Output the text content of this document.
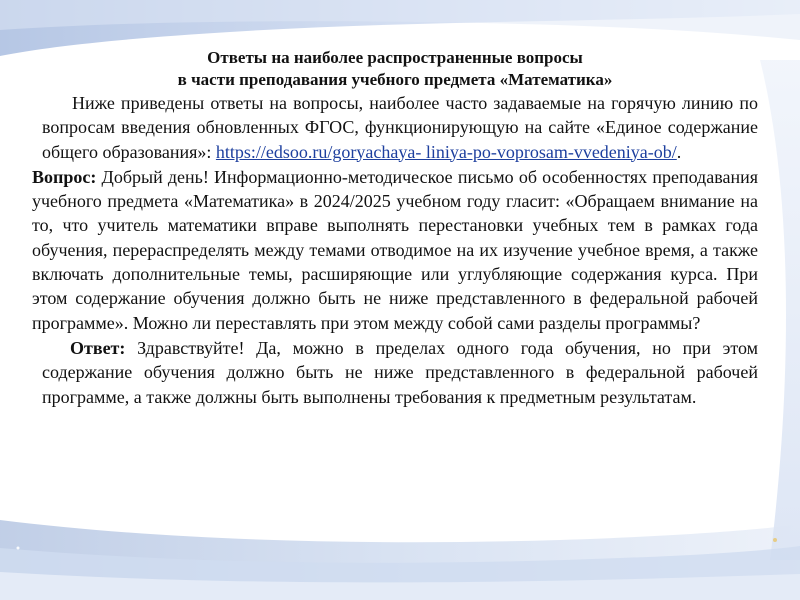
Ответы на наиболее распространенные вопросы
в части преподавания учебного предмета «Математика»

Ниже приведены ответы на вопросы, наиболее часто задаваемые на горячую линию по вопросам введения обновленных ФГОС, функционирующую на сайте «Единое содержание общего образования»: https://edsoo.ru/goryachaya- liniya-po-voprosam-vvedeniya-ob/.

Вопрос: Добрый день! Информационно-методическое письмо об особенностях преподавания учебного предмета «Математика» в 2024/2025 учебном году гласит: «Обращаем внимание на то, что учитель математики вправе выполнять перестановки учебных тем в рамках года обучения, перераспределять между темами отводимое на их изучение учебное время, а также включать дополнительные темы, расширяющие или углубляющие содержания курса. При этом содержание обучения должно быть не ниже представленного в федеральной рабочей программе». Можно ли переставлять при этом между собой сами разделы программы?

Ответ: Здравствуйте! Да, можно в пределах одного года обучения, но при этом содержание обучения должно быть не ниже представленного в федеральной рабочей программе, а также должны быть выполнены требования к предметным результатам.
